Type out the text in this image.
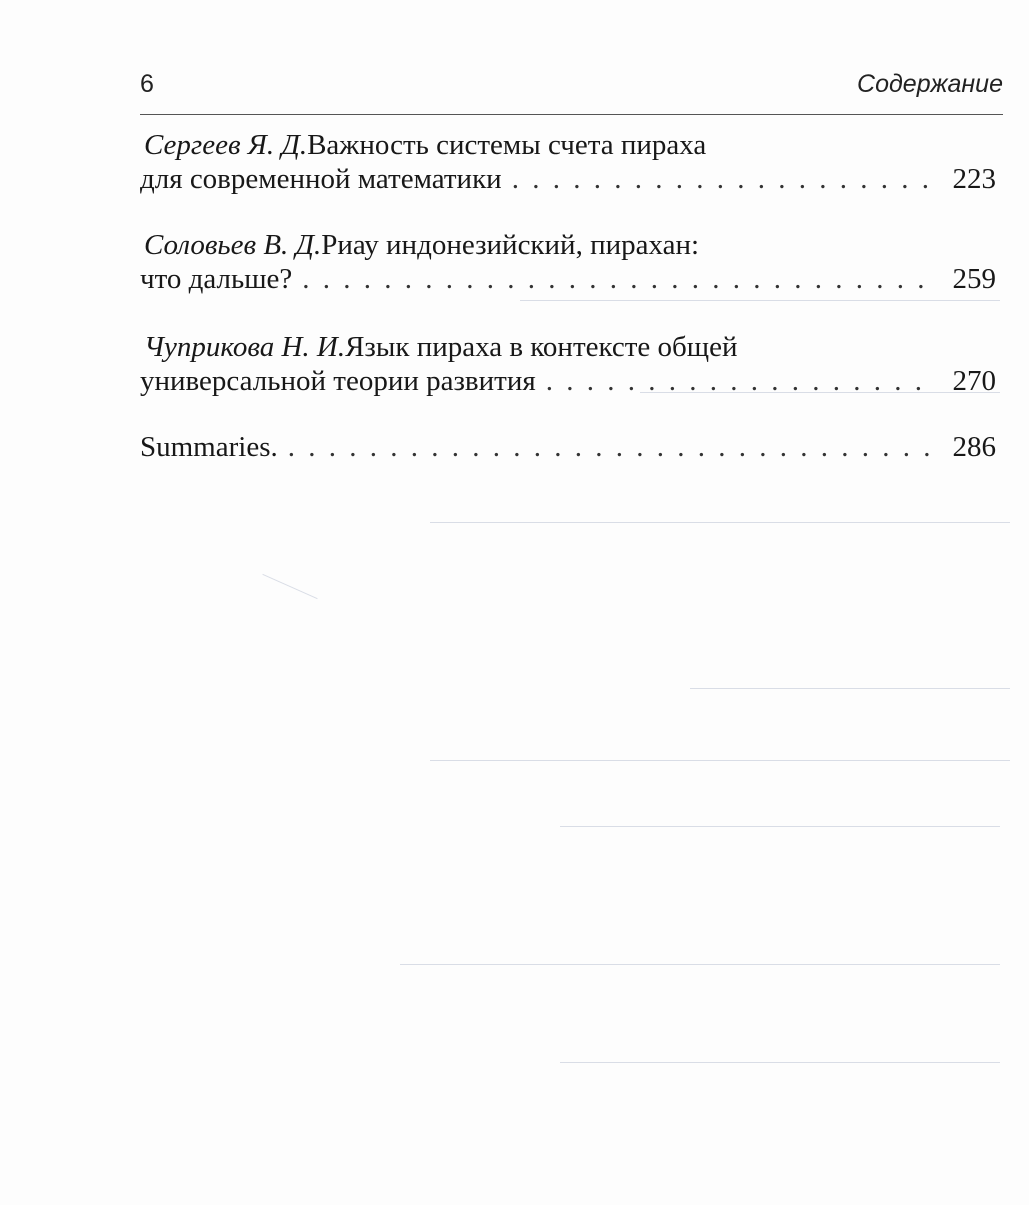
6	Содержание
Сергеев Я. Д. Важность системы счета пираха
для современной математики . . .	223
Соловьев В. Д. Риау индонезийский, пирахан:
что дальше? . . .	259
Чуприкова Н. И. Язык пираха в контексте общей
универсальной теории развития . . .	270
Summaries. . . .	286
